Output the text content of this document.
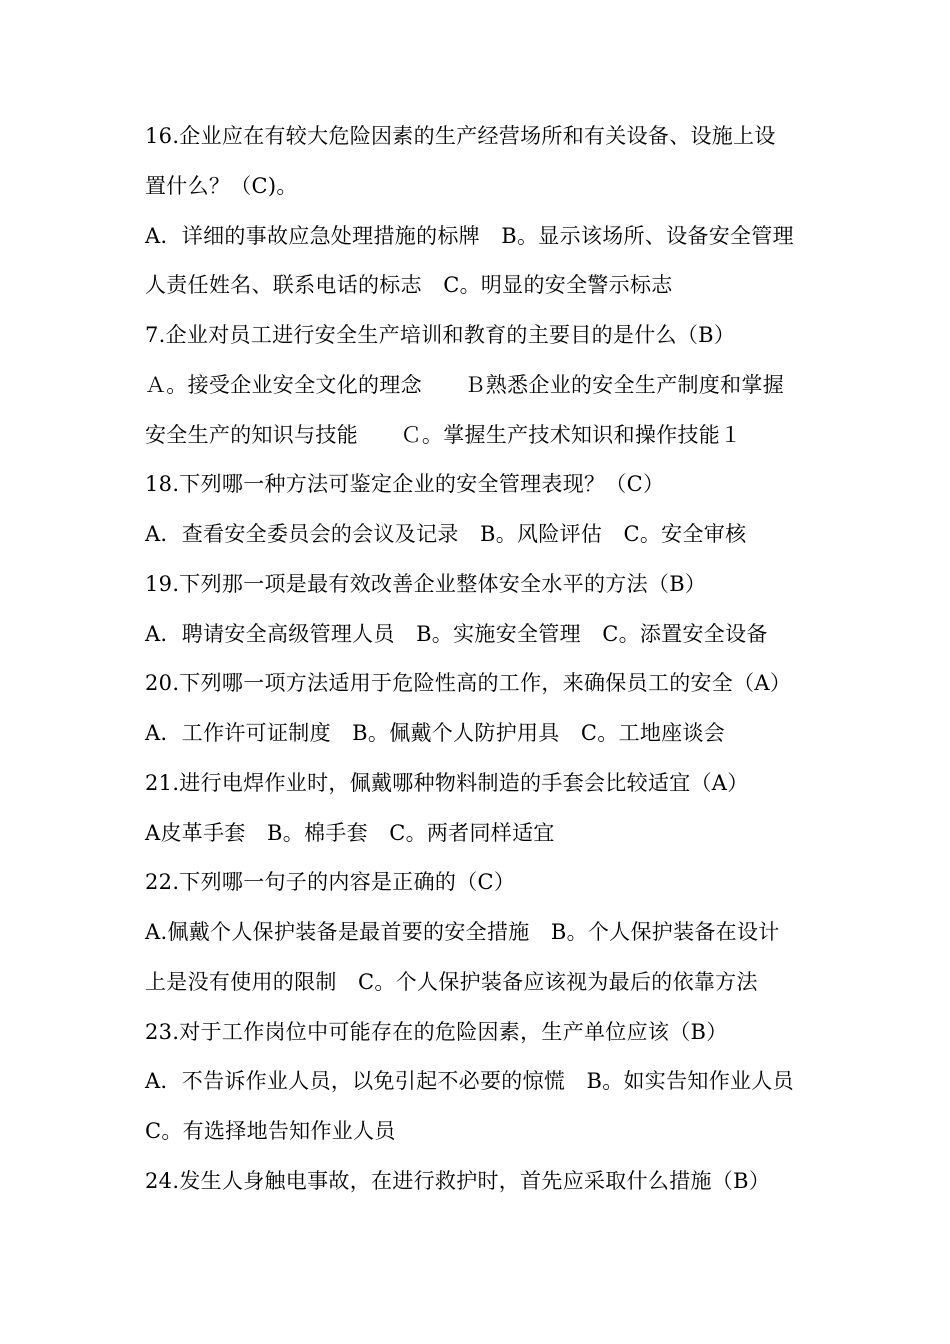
16.企业应在有较大危险因素的生产经营场所和有关设备、设施上设
置什么？（C)。
A．详细的事故应急处理措施的标牌　B。显示该场所、设备安全管理
人责任姓名、联系电话的标志　C。明显的安全警示标志
7.企业对员工进行安全生产培训和教育的主要目的是什么（B）
Ａ。接受企业安全文化的理念　　Ｂ熟悉企业的安全生产制度和掌握
安全生产的知识与技能　　Ｃ。掌握生产技术知识和操作技能１
18.下列哪一种方法可鉴定企业的安全管理表现？（C）
A．查看安全委员会的会议及记录　B。风险评估　C。安全审核
19.下列那一项是最有效改善企业整体安全水平的方法（B）
A．聘请安全高级管理人员　B。实施安全管理　C。添置安全设备
20.下列哪一项方法适用于危险性高的工作，来确保员工的安全（A）
A．工作许可证制度　B。佩戴个人防护用具　C。工地座谈会
21.进行电焊作业时，佩戴哪种物料制造的手套会比较适宜（A）
A皮革手套　B。棉手套　C。两者同样适宜
22.下列哪一句子的内容是正确的（C）
A.佩戴个人保护装备是最首要的安全措施　B。个人保护装备在设计
上是没有使用的限制　C。个人保护装备应该视为最后的依靠方法
23.对于工作岗位中可能存在的危险因素，生产单位应该（B）
A．不告诉作业人员，以免引起不必要的惊慌　B。如实告知作业人员
C。有选择地告知作业人员
24.发生人身触电事故，在进行救护时，首先应采取什么措施（B）
